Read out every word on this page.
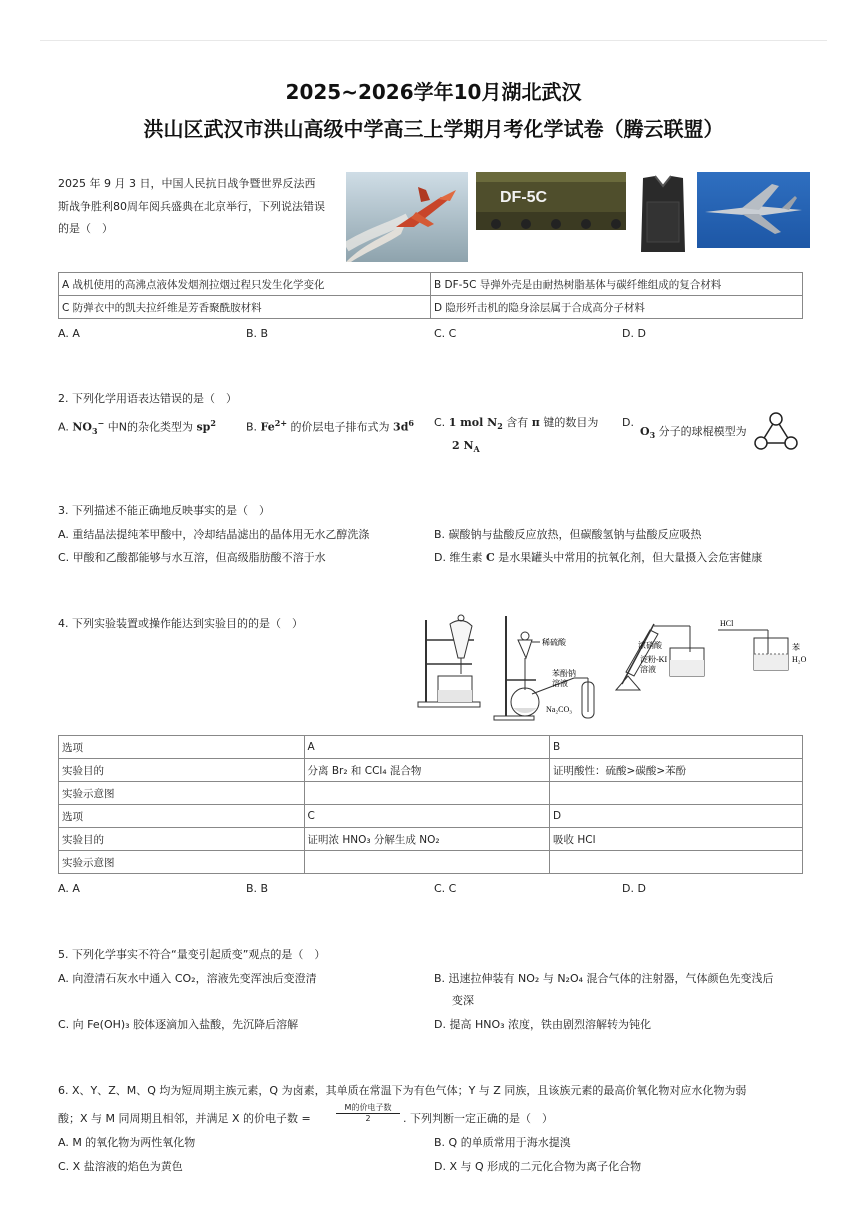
2025~2026学年10月湖北武汉
洪山区武汉市洪山高级中学高三上学期月考化学试卷（腾云联盟）
2025 年 9 月 3 日，中国人民抗日战争暨世界反法西
斯战争胜利80周年阅兵盛典在北京举行，下列说法错误
的是（　）
DF-5C
A 战机使用的高沸点液体发烟剂拉烟过程只发生化学变化	B DF-5C 导弹外壳是由耐热树脂基体与碳纤维组成的复合材料
C 防弹衣中的凯夫拉纤维是芳香聚酰胺材料	D 隐形歼击机的隐身涂层属于合成高分子材料
A. A	B. B	C. C	D. D
2. 下列化学用语表达错误的是（　）
A. $NO_3^-$ 中N的杂化类型为 $sp^2$	B. $Fe^{2+}$ 的价层电子排布式为 $3d^6$ C. 1 mol $N_2$ 含有 π 键的数目为
2 $N_A$
D.
$O_3$ 分子的球棍模型为
3. 下列描述不能正确地反映事实的是（　）
A. 重结晶法提纯苯甲酸中，冷却结晶滤出的晶体用无水乙醇洗涤	B. 碳酸钠与盐酸反应放热，但碳酸氢钠与盐酸反应吸热
C. 甲酸和乙酸都能够与水互溶，但高级脂肪酸不溶于水	D. 维生素 C 是水果罐头中常用的抗氧化剂，但大量摄入会危害健康
4. 下列实验装置或操作能达到实验目的的是（　）
稀硫酸
苯酚钠
溶液
Na₂CO₃
浓硝酸
淀粉-KI
溶液
HCl
苯
H₂O
选项	A	B
实验目的	分离 Br₂ 和 CCl₄ 混合物	证明酸性：硫酸>碳酸>苯酚
实验示意图		
选项	C	D
实验目的	证明浓 HNO₃ 分解生成 NO₂	吸收 HCl
实验示意图		
A. A	B. B	C. C	D. D
5. 下列化学事实不符合“量变引起质变”观点的是（　）
A. 向澄清石灰水中通入 CO₂，溶液先变浑浊后变澄清	B. 迅速拉伸装有 NO₂ 与 N₂O₄ 混合气体的注射器，气体颜色先变浅后
变深
C. 向 Fe(OH)₃ 胶体逐滴加入盐酸，先沉降后溶解	D. 提高 HNO₃ 浓度，铁由剧烈溶解转为钝化
6. X、Y、Z、M、Q 均为短周期主族元素，Q 为卤素，其单质在常温下为有色气体；Y 与 Z 同族，且该族元素的最高价氧化物对应水化物为弱
酸；X 与 M 同周期且相邻，并满足 X 的价电子数 =
M的价电子数
2	. 下列判断一定正确的是（　）
A. M 的氧化物为两性氧化物	B. Q 的单质常用于海水提溴
C. X 盐溶液的焰色为黄色	D. X 与 Q 形成的二元化合物为离子化合物
